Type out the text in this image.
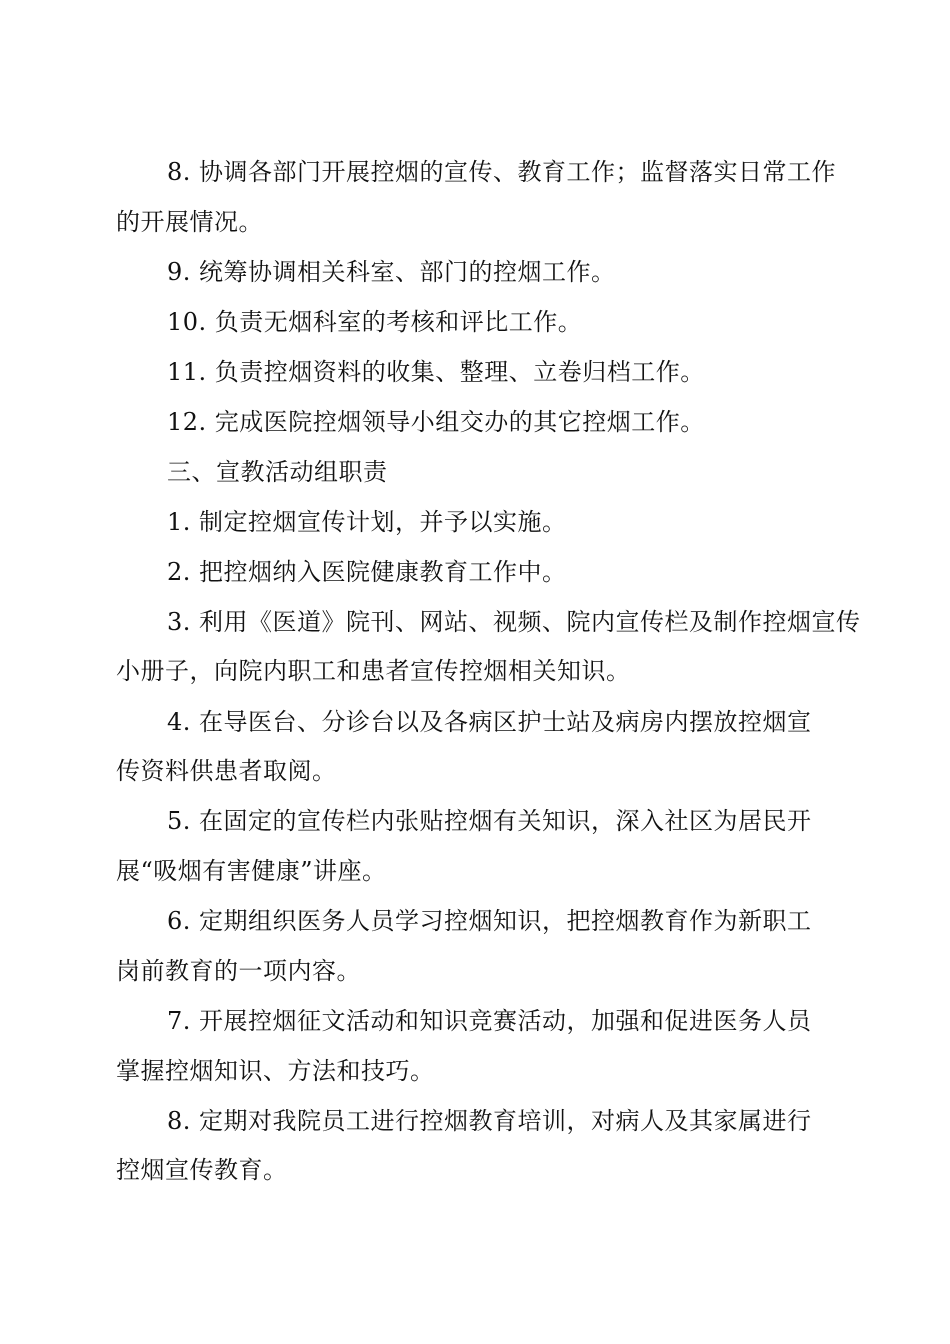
8. 协调各部门开展控烟的宣传、教育工作；监督落实日常工作
的开展情况。
9. 统筹协调相关科室、部门的控烟工作。
10. 负责无烟科室的考核和评比工作。
11. 负责控烟资料的收集、整理、立卷归档工作。
12. 完成医院控烟领导小组交办的其它控烟工作。
三、宣教活动组职责
1. 制定控烟宣传计划，并予以实施。
2. 把控烟纳入医院健康教育工作中。
3. 利用《医道》院刊、网站、视频、院内宣传栏及制作控烟宣传
小册子，向院内职工和患者宣传控烟相关知识。
4. 在导医台、分诊台以及各病区护士站及病房内摆放控烟宣
传资料供患者取阅。
5. 在固定的宣传栏内张贴控烟有关知识，深入社区为居民开
展“吸烟有害健康”讲座。
6. 定期组织医务人员学习控烟知识，把控烟教育作为新职工
岗前教育的一项内容。
7. 开展控烟征文活动和知识竞赛活动，加强和促进医务人员
掌握控烟知识、方法和技巧。
8. 定期对我院员工进行控烟教育培训，对病人及其家属进行
控烟宣传教育。
